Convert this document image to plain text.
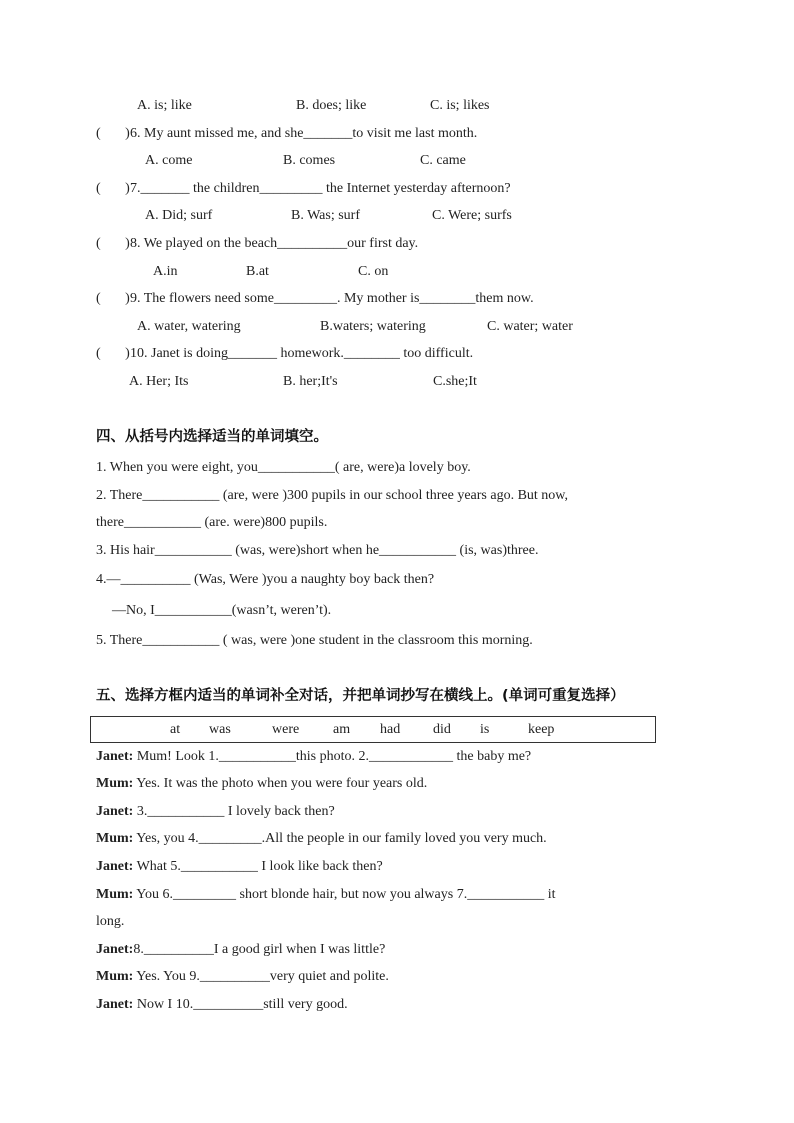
A. is; like	B. does; like	C. is; likes
(       ) 6. My aunt missed me, and she_______to visit me last month.
A. come	B. comes	C. came
(       ) 7._______ the children_________ the Internet yesterday afternoon?
A. Did; surf	B. Was; surf	C. Were; surfs
(       ) 8. We played on the beach__________our first day.
A.in	B.at	C. on
(       ) 9. The flowers need some_________. My mother is________them now.
A. water, watering	B.waters; watering	C. water; water
(       ) 10. Janet is doing_______ homework.________ too difficult.
A. Her; Its	B. her;It's	C.she;It
四、从括号内选择适当的单词填空。
1. When you were eight, you___________( are, were)a lovely boy.
2. There___________ (are, were )300 pupils in our school three years ago. But now,
there___________ (are. were)800 pupils.
3. His hair___________ (was, were)short when he___________ (is, was)three.
4.—__________ (Was, Were )you a naughty boy back then?
—No, I___________(wasn’t, weren’t).
5. There___________ ( was, were )one student in the classroom this morning.
五、选择方框内适当的单词补全对话，并把单词抄写在横线上。(单词可重复选择）
at was	were am had did is	keep
Janet: Mum! Look 1.___________this photo. 2.____________ the baby me?
Mum: Yes. It was the photo when you were four years old.
Janet: 3.___________ I lovely back then?
Mum: Yes, you 4._________.All the people in our family loved you very much.
Janet: What 5.___________ I look like back then?
Mum: You 6._________ short blonde hair, but now you always 7.___________ it
long.
Janet:8.__________I a good girl when I was little?
Mum: Yes. You 9.__________very quiet and polite.
Janet: Now I 10.__________still very good.
